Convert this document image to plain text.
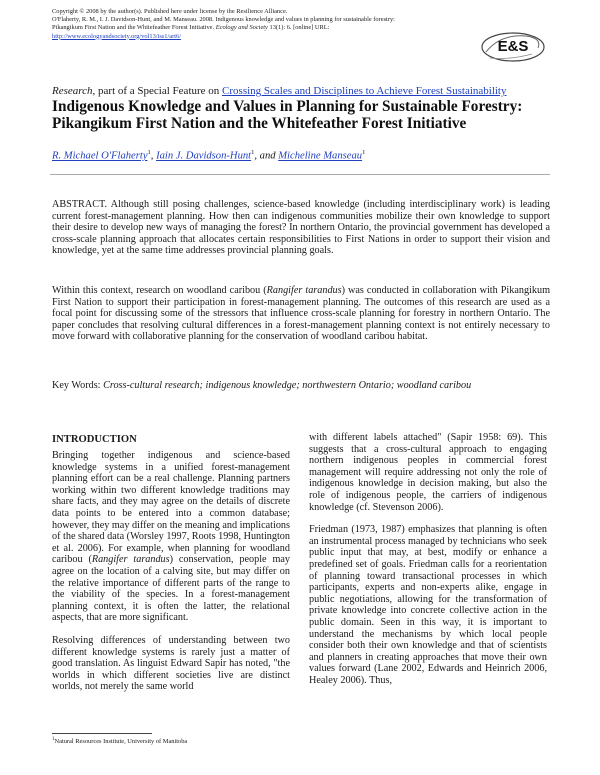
Copyright © 2008 by the author(s). Published here under license by the Resilience Alliance.
O'Flaherty, R. M., I. J. Davidson-Hunt, and M. Manseau. 2008. Indigenous knowledge and values in planning for sustainable forestry: Pikangikum First Nation and the Whitefeather Forest Initiative. Ecology and Society 13(1): 6. [online] URL: http://www.ecologyandsociety.org/vol13/iss1/art6/
E&S
Research, part of a Special Feature on Crossing Scales and Disciplines to Achieve Forest Sustainability
Indigenous Knowledge and Values in Planning for Sustainable Forestry: Pikangikum First Nation and the Whitefeather Forest Initiative
R. Michael O'Flaherty$^1$, Iain J. Davidson-Hunt$^1$, and Micheline Manseau$^1$

ABSTRACT. Although still posing challenges, science-based knowledge (including interdisciplinary work) is leading current forest-management planning. How then can indigenous communities mobilize their own knowledge to support their desire to develop new ways of managing the forest? In northern Ontario, the provincial government has developed a cross-scale planning approach that allocates certain responsibilities to First Nations in order to support their vision and knowledge, yet at the same time addresses provincial planning goals.

Within this context, research on woodland caribou (Rangifer tarandus) was conducted in collaboration with Pikangikum First Nation to support their participation in forest-management planning. The outcomes of this research are used as a focal point for discussing some of the stressors that influence cross-scale planning for forestry in northern Ontario. The paper concludes that resolving cultural differences in a forest-management planning context is not entirely necessary to move forward with collaborative planning for the conservation of woodland caribou habitat.

Key Words: Cross-cultural research; indigenous knowledge; northwestern Ontario; woodland caribou
INTRODUCTION

Bringing together indigenous and science-based knowledge systems in a unified forest-management planning effort can be a real challenge. Planning partners working within two different knowledge traditions may share facts, and they may agree on the details of discrete data points to be entered into a common database; however, they may differ on the meaning and implications of the shared data (Worsley 1997, Roots 1998, Huntington et al. 2006). For example, when planning for woodland caribou (Rangifer tarandus) conservation, people may agree on the location of a calving site, but may differ on the relative importance of different parts of the range to the viability of the species. In a forest-management planning context, it is often the latter, the relational aspects, that are more significant.

Resolving differences of understanding between two different knowledge systems is rarely just a matter of good translation. As linguist Edward Sapir has noted, "the worlds in which different societies live are distinct worlds, not merely the same world

with different labels attached" (Sapir 1958: 69). This suggests that a cross-cultural approach to engaging northern indigenous peoples in commercial forest management will require addressing not only the role of indigenous knowledge in decision making, but also the role of indigenous people, the carriers of indigenous knowledge (cf. Stevenson 2006).

Friedman (1973, 1987) emphasizes that planning is often an instrumental process managed by technicians who seek public input that may, at best, modify or enhance a predefined set of goals. Friedman calls for a reorientation of planning toward transactional processes in which participants, experts and non-experts alike, engage in public negotiations, allowing for the transformation of private knowledge into concrete collective action in the public domain. Seen in this way, it is important to understand the mechanisms by which local people consider both their own knowledge and that of scientists and planners in creating approaches that move their own values forward (Lane 2002, Edwards and Heinrich 2006, Healey 2006). Thus,

$^1$Natural Resources Institute, University of Manitoba
